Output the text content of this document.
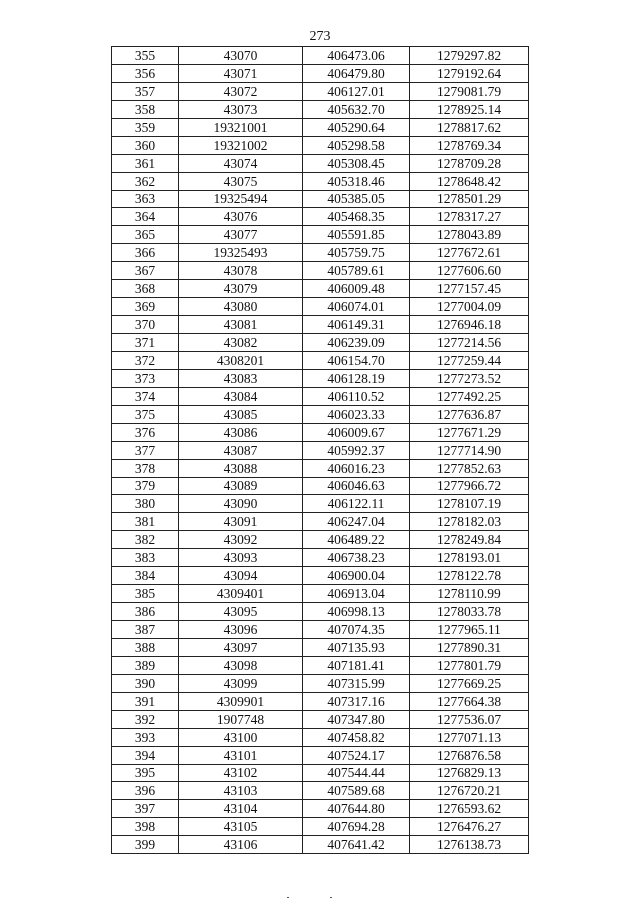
273
355	43070	406473.06	1279297.82
356	43071	406479.80	1279192.64
357	43072	406127.01	1279081.79
358	43073	405632.70	1278925.14
359	19321001	405290.64	1278817.62
360	19321002	405298.58	1278769.34
361	43074	405308.45	1278709.28
362	43075	405318.46	1278648.42
363	19325494	405385.05	1278501.29
364	43076	405468.35	1278317.27
365	43077	405591.85	1278043.89
366	19325493	405759.75	1277672.61
367	43078	405789.61	1277606.60
368	43079	406009.48	1277157.45
369	43080	406074.01	1277004.09
370	43081	406149.31	1276946.18
371	43082	406239.09	1277214.56
372	4308201	406154.70	1277259.44
373	43083	406128.19	1277273.52
374	43084	406110.52	1277492.25
375	43085	406023.33	1277636.87
376	43086	406009.67	1277671.29
377	43087	405992.37	1277714.90
378	43088	406016.23	1277852.63
379	43089	406046.63	1277966.72
380	43090	406122.11	1278107.19
381	43091	406247.04	1278182.03
382	43092	406489.22	1278249.84
383	43093	406738.23	1278193.01
384	43094	406900.04	1278122.78
385	4309401	406913.04	1278110.99
386	43095	406998.13	1278033.78
387	43096	407074.35	1277965.11
388	43097	407135.93	1277890.31
389	43098	407181.41	1277801.79
390	43099	407315.99	1277669.25
391	4309901	407317.16	1277664.38
392	1907748	407347.80	1277536.07
393	43100	407458.82	1277071.13
394	43101	407524.17	1276876.58
395	43102	407544.44	1276829.13
396	43103	407589.68	1276720.21
397	43104	407644.80	1276593.62
398	43105	407694.28	1276476.27
399	43106	407641.42	1276138.73
